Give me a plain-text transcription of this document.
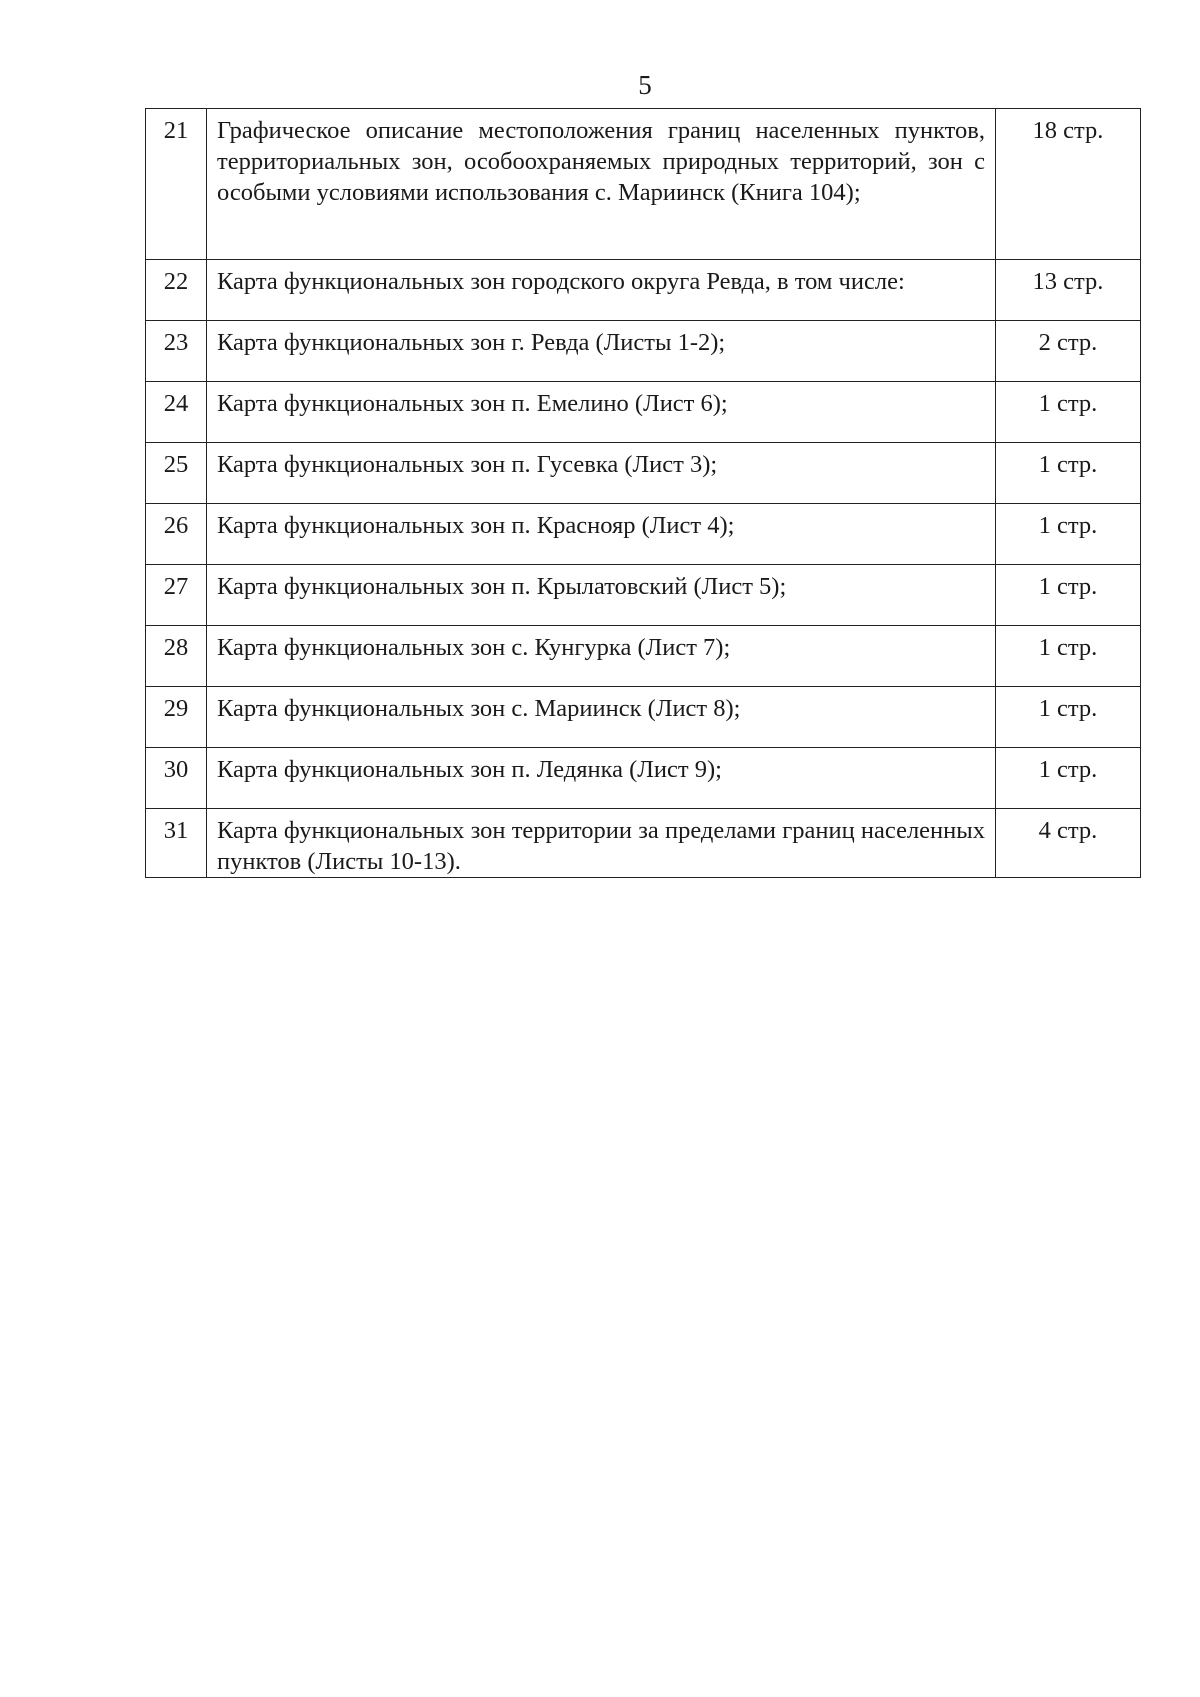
5
21	Графическое описание местоположения границ населенных пунктов, территориальных зон, особоохраняемых природных территорий, зон с особыми условиями использования с. Мариинск (Книга 104);	18 стр.
22	Карта функциональных зон городского округа Ревда, в том числе:	13 стр.
23	Карта функциональных зон г. Ревда (Листы 1-2);	2 стр.
24	Карта функциональных зон п. Емелино (Лист 6);	1 стр.
25	Карта функциональных зон п. Гусевка (Лист 3);	1 стр.
26	Карта функциональных зон п. Краснояр (Лист 4);	1 стр.
27	Карта функциональных зон п. Крылатовский (Лист 5);	1 стр.
28	Карта функциональных зон с. Кунгурка (Лист 7);	1 стр.
29	Карта функциональных зон с. Мариинск (Лист 8);	1 стр.
30	Карта функциональных зон п. Ледянка (Лист 9);	1 стр.
31	Карта функциональных зон территории за пределами границ населенных пунктов (Листы 10-13).	4 стр.
